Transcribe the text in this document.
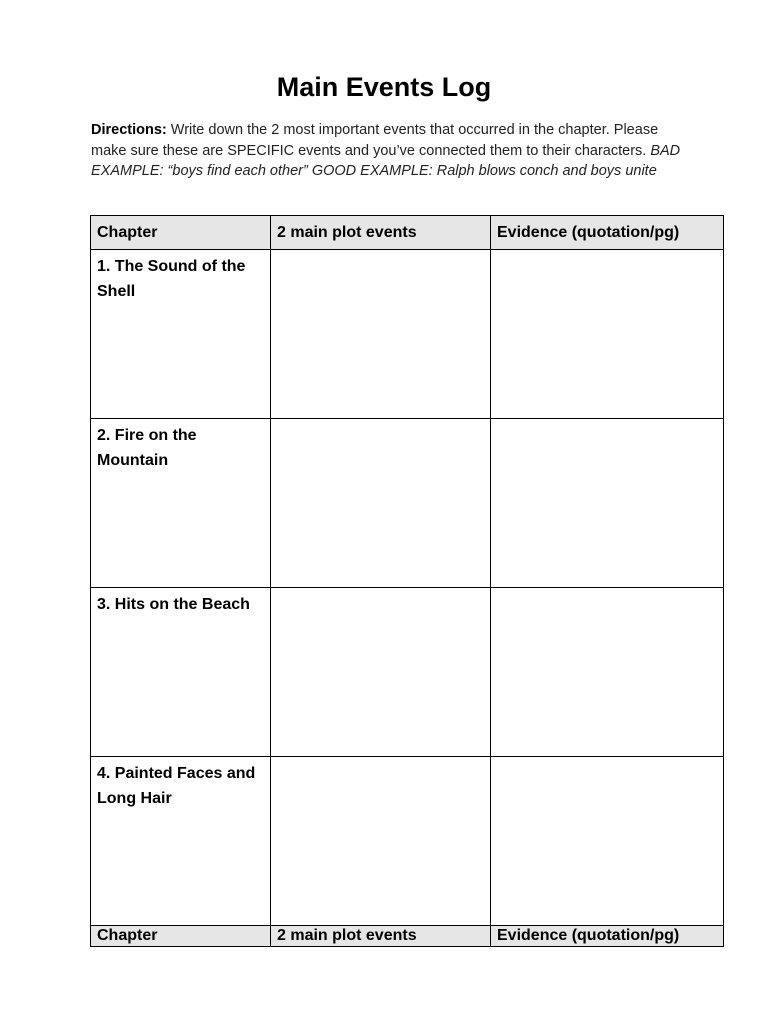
Main Events Log
Directions: Write down the 2 most important events that occurred in the chapter. Please make sure these are SPECIFIC events and you’ve connected them to their characters. BAD EXAMPLE: “boys find each other” GOOD EXAMPLE: Ralph blows conch and boys unite
Chapter	2 main plot events	Evidence (quotation/pg)
1. The Sound of the Shell		
2. Fire on the Mountain		
3. Hits on the Beach		
4. Painted Faces and Long Hair		
Chapter	2 main plot events	Evidence (quotation/pg)
